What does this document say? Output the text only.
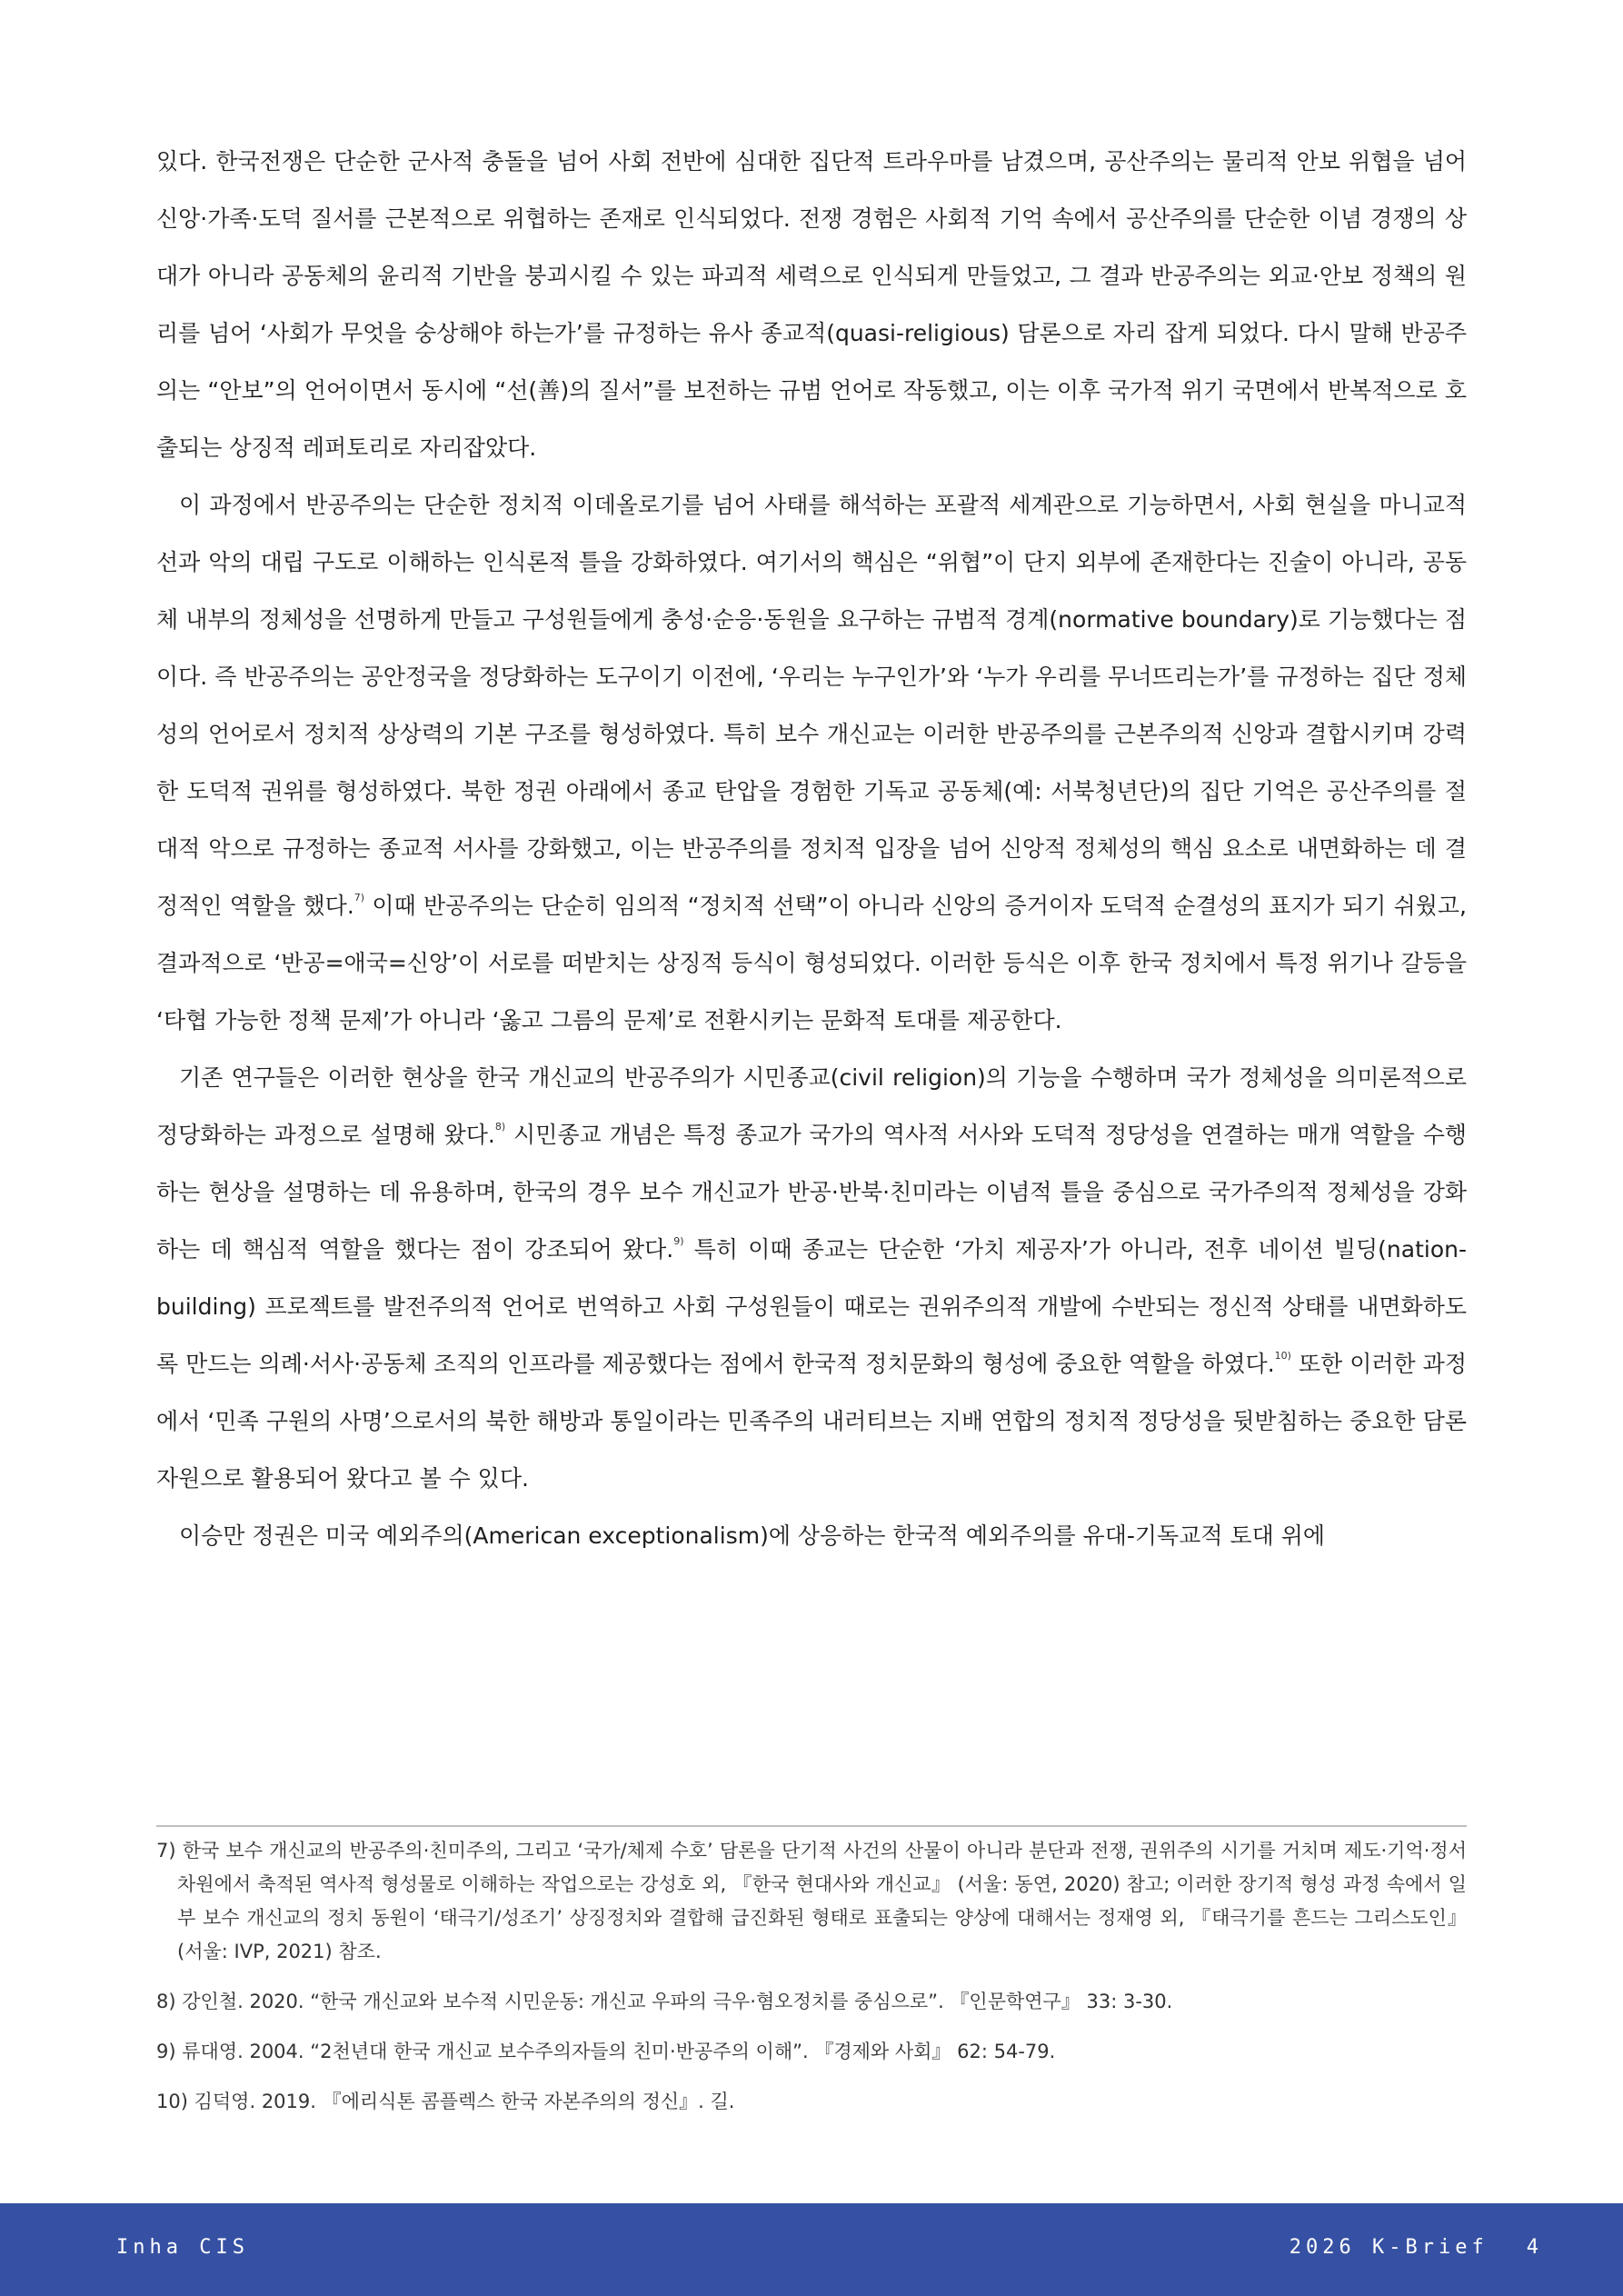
있다. 한국전쟁은 단순한 군사적 충돌을 넘어 사회 전반에 심대한 집단적 트라우마를 남겼으며, 공산주의는 물리적 안보 위협을 넘어 신앙·가족·도덕 질서를 근본적으로 위협하는 존재로 인식되었다. 전쟁 경험은 사회적 기억 속에서 공산주의를 단순한 이념 경쟁의 상대가 아니라 공동체의 윤리적 기반을 붕괴시킬 수 있는 파괴적 세력으로 인식되게 만들었고, 그 결과 반공주의는 외교·안보 정책의 원리를 넘어 ‘사회가 무엇을 숭상해야 하는가’를 규정하는 유사 종교적(quasi-religious) 담론으로 자리 잡게 되었다. 다시 말해 반공주의는 “안보”의 언어이면서 동시에 “선(善)의 질서”를 보전하는 규범 언어로 작동했고, 이는 이후 국가적 위기 국면에서 반복적으로 호출되는 상징적 레퍼토리로 자리잡았다.

이 과정에서 반공주의는 단순한 정치적 이데올로기를 넘어 사태를 해석하는 포괄적 세계관으로 기능하면서, 사회 현실을 마니교적 선과 악의 대립 구도로 이해하는 인식론적 틀을 강화하였다. 여기서의 핵심은 “위협”이 단지 외부에 존재한다는 진술이 아니라, 공동체 내부의 정체성을 선명하게 만들고 구성원들에게 충성·순응·동원을 요구하는 규범적 경계(normative boundary)로 기능했다는 점이다. 즉 반공주의는 공안정국을 정당화하는 도구이기 이전에, ‘우리는 누구인가’와 ‘누가 우리를 무너뜨리는가’를 규정하는 집단 정체성의 언어로서 정치적 상상력의 기본 구조를 형성하였다. 특히 보수 개신교는 이러한 반공주의를 근본주의적 신앙과 결합시키며 강력한 도덕적 권위를 형성하였다. 북한 정권 아래에서 종교 탄압을 경험한 기독교 공동체(예: 서북청년단)의 집단 기억은 공산주의를 절대적 악으로 규정하는 종교적 서사를 강화했고, 이는 반공주의를 정치적 입장을 넘어 신앙적 정체성의 핵심 요소로 내면화하는 데 결정적인 역할을 했다.$^{7)}$ 이때 반공주의는 단순히 임의적 “정치적 선택”이 아니라 신앙의 증거이자 도덕적 순결성의 표지가 되기 쉬웠고, 결과적으로 ‘반공=애국=신앙’이 서로를 떠받치는 상징적 등식이 형성되었다. 이러한 등식은 이후 한국 정치에서 특정 위기나 갈등을 ‘타협 가능한 정책 문제’가 아니라 ‘옳고 그름의 문제’로 전환시키는 문화적 토대를 제공한다.

기존 연구들은 이러한 현상을 한국 개신교의 반공주의가 시민종교(civil religion)의 기능을 수행하며 국가 정체성을 의미론적으로 정당화하는 과정으로 설명해 왔다.$^{8)}$ 시민종교 개념은 특정 종교가 국가의 역사적 서사와 도덕적 정당성을 연결하는 매개 역할을 수행하는 현상을 설명하는 데 유용하며, 한국의 경우 보수 개신교가 반공·반북·친미라는 이념적 틀을 중심으로 국가주의적 정체성을 강화하는 데 핵심적 역할을 했다는 점이 강조되어 왔다.$^{9)}$ 특히 이때 종교는 단순한 ‘가치 제공자’가 아니라, 전후 네이션 빌딩(nation-building) 프로젝트를 발전주의적 언어로 번역하고 사회 구성원들이 때로는 권위주의적 개발에 수반되는 정신적 상태를 내면화하도록 만드는 의례·서사·공동체 조직의 인프라를 제공했다는 점에서 한국적 정치문화의 형성에 중요한 역할을 하였다.$^{10)}$ 또한 이러한 과정에서 ‘민족 구원의 사명’으로서의 북한 해방과 통일이라는 민족주의 내러티브는 지배 연합의 정치적 정당성을 뒷받침하는 중요한 담론 자원으로 활용되어 왔다고 볼 수 있다.

이승만 정권은 미국 예외주의(American exceptionalism)에 상응하는 한국적 예외주의를 유대-기독교적 토대 위에

7) 한국 보수 개신교의 반공주의·친미주의, 그리고 ‘국가/체제 수호’ 담론을 단기적 사건의 산물이 아니라 분단과 전쟁, 권위주의 시기를 거치며 제도·기억·정서 차원에서 축적된 역사적 형성물로 이해하는 작업으로는 강성호 외, 『한국 현대사와 개신교』 (서울: 동연, 2020) 참고; 이러한 장기적 형성 과정 속에서 일부 보수 개신교의 정치 동원이 ‘태극기/성조기’ 상징정치와 결합해 급진화된 형태로 표출되는 양상에 대해서는 정재영 외, 『태극기를 흔드는 그리스도인』 (서울: IVP, 2021) 참조.
8) 강인철. 2020. “한국 개신교와 보수적 시민운동: 개신교 우파의 극우·혐오정치를 중심으로”. 『인문학연구』 33: 3-30.
9) 류대영. 2004. “2천년대 한국 개신교 보수주의자들의 친미·반공주의 이해”. 『경제와 사회』 62: 54-79.
10) 김덕영. 2019. 『에리식톤 콤플렉스 한국 자본주의의 정신』. 길.
Inha CIS	2026 K-Brief 4
